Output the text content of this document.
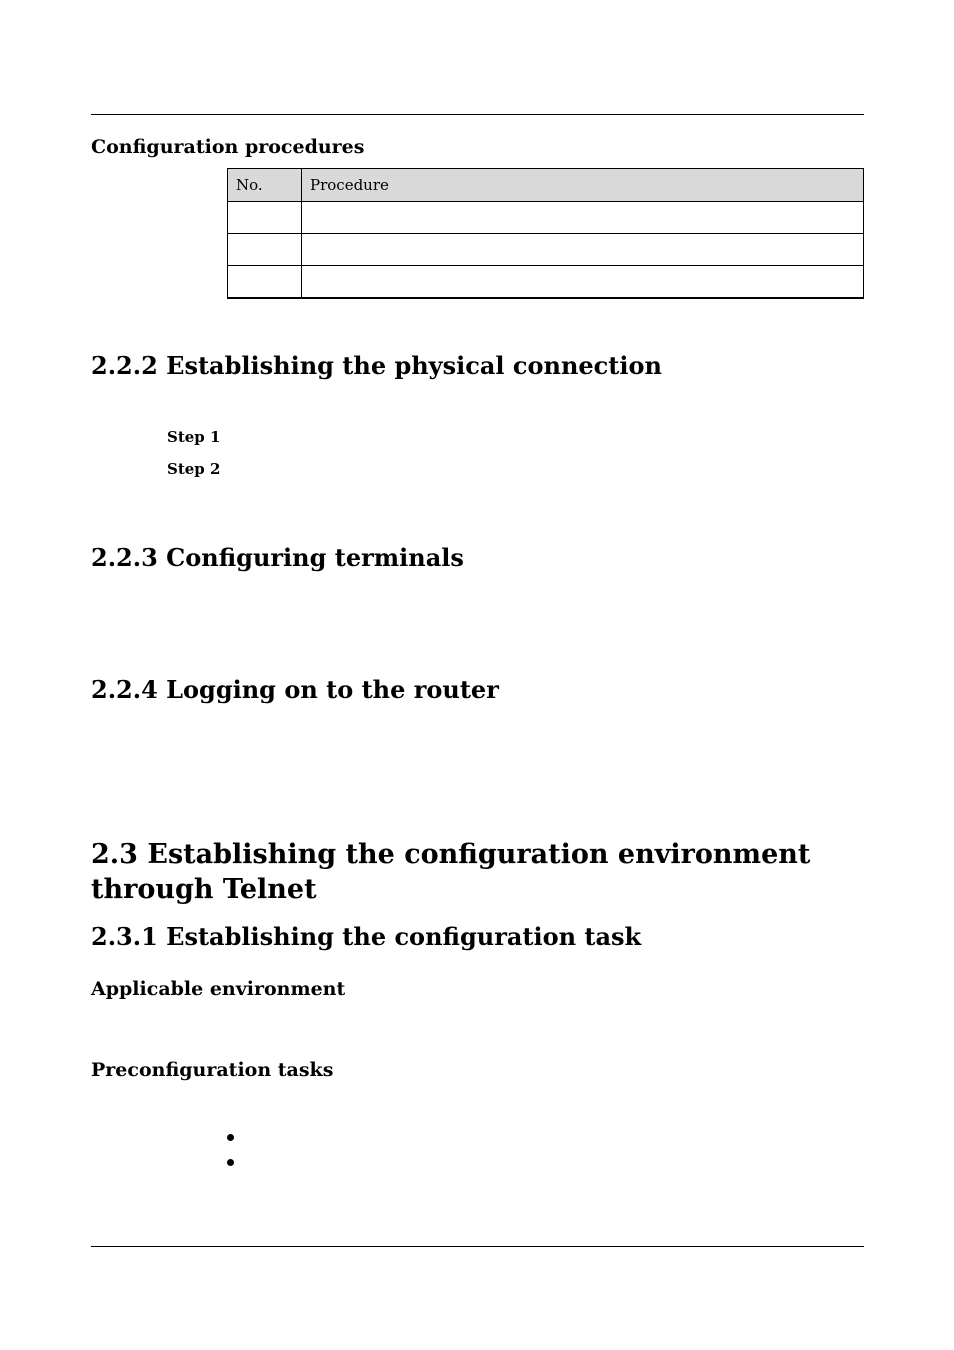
Configuration procedures
No.	Procedure

2.2.2 Establishing the physical connection
Step 1
Step 2
2.2.3 Configuring terminals
2.2.4 Logging on to the router
2.3 Establishing the configuration environment through Telnet
2.3.1 Establishing the configuration task
Applicable environment
Preconfiguration tasks
